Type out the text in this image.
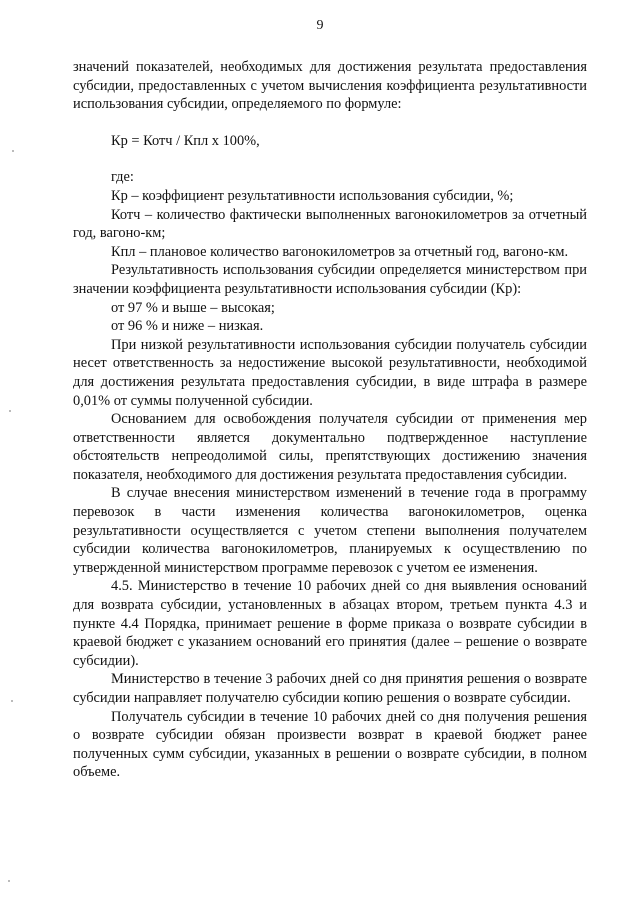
9

значений показателей, необходимых для достижения результата предоставления субсидии, предоставленных с учетом вычисления коэффициента результативности использования субсидии, определяемого по формуле:

Кр = Котч / Кпл х 100%,

где:

Кр – коэффициент результативности использования субсидии, %;

Котч – количество фактически выполненных вагонокилометров за отчетный год, вагоно-км;

Кпл – плановое количество вагонокилометров за отчетный год, вагоно-км.

Результативность использования субсидии определяется министерством при значении коэффициента результативности использования субсидии (Кр):

от 97 % и выше – высокая;

от 96 % и ниже – низкая.

При низкой результативности использования субсидии получатель субсидии несет ответственность за недостижение высокой результативности, необходимой для достижения результата предоставления субсидии, в виде штрафа в размере 0,01% от суммы полученной субсидии.

Основанием для освобождения получателя субсидии от применения мер ответственности является документально подтвержденное наступление обстоятельств непреодолимой силы, препятствующих достижению значения показателя, необходимого для достижения результата предоставления субсидии.

В случае внесения министерством изменений в течение года в программу перевозок в части изменения количества вагонокилометров, оценка результативности осуществляется с учетом степени выполнения получателем субсидии количества вагонокилометров, планируемых к осуществлению по утвержденной министерством программе перевозок с учетом ее изменения.

4.5. Министерство в течение 10 рабочих дней со дня выявления оснований для возврата субсидии, установленных в абзацах втором, третьем пункта 4.3 и пункте 4.4 Порядка, принимает решение в форме приказа о возврате субсидии в краевой бюджет с указанием оснований его принятия (далее – решение о возврате субсидии).

Министерство в течение 3 рабочих дней со дня принятия решения о возврате субсидии направляет получателю субсидии копию решения о возврате субсидии.

Получатель субсидии в течение 10 рабочих дней со дня получения решения о возврате субсидии обязан произвести возврат в краевой бюджет ранее полученных сумм субсидии, указанных в решении о возврате субсидии, в полном объеме.
